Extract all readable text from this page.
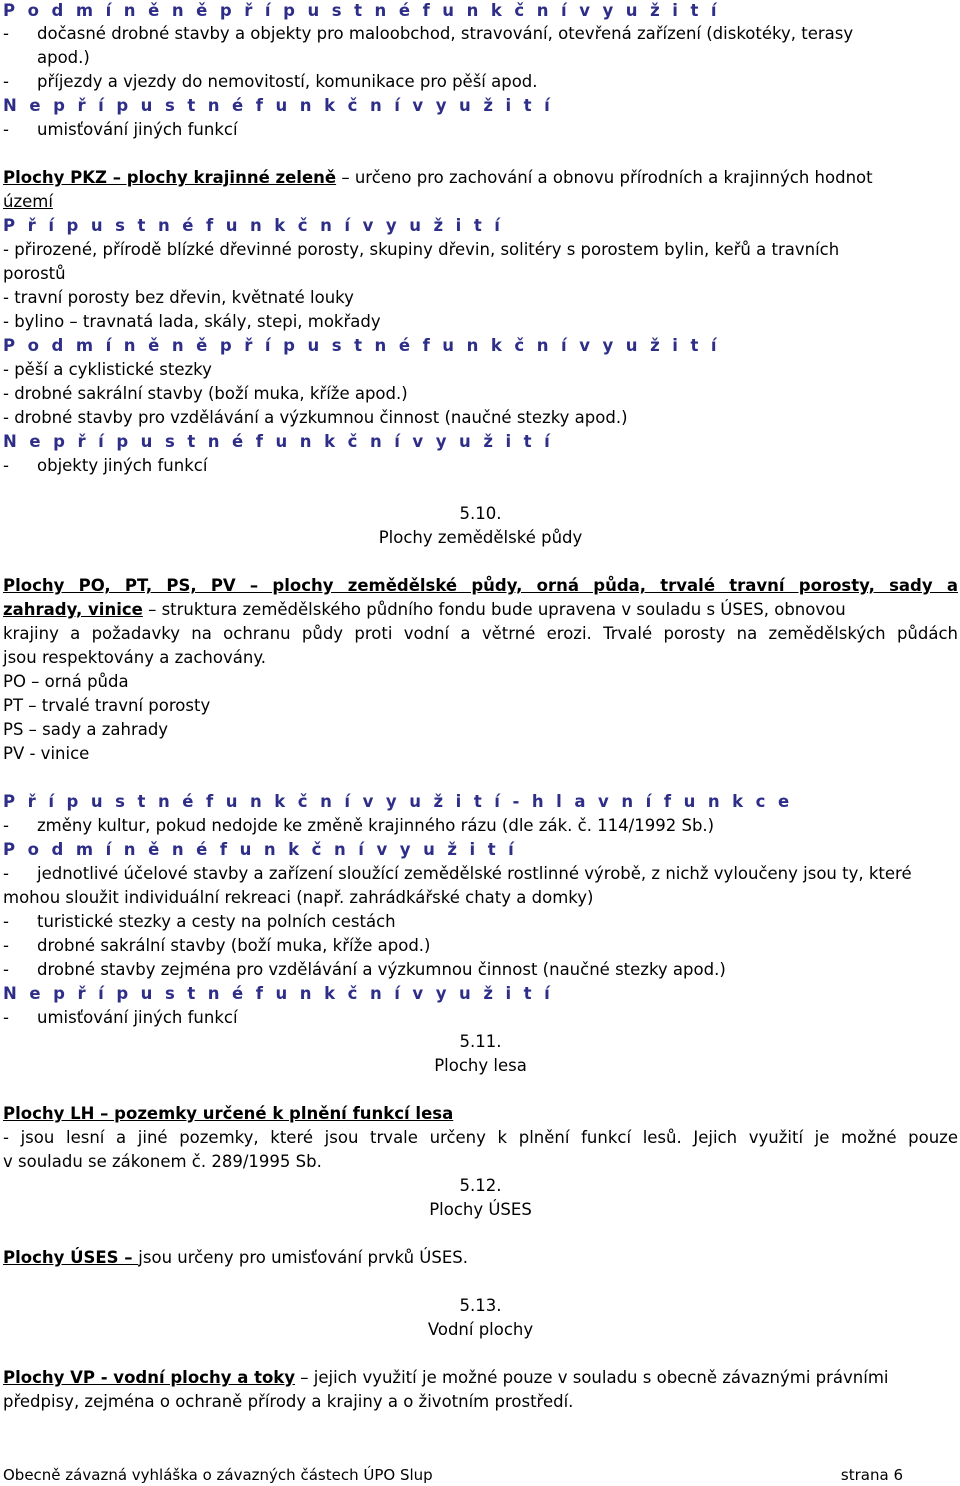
P o d m í n ě n ě p ř í p u s t n é f u n k č n í v y u ž i t í
- dočasné drobné stavby a objekty pro maloobchod, stravování, otevřená zařízení (diskotéky, terasy
apod.)
- příjezdy a vjezdy do nemovitostí, komunikace pro pěší apod.
N e p ř í p u s t n é f u n k č n í v y u ž i t í
- umisťování jiných funkcí
Plochy PKZ – plochy krajinné zeleně – určeno pro zachování a obnovu přírodních a krajinných hodnot
území
P ř í p u s t n é f u n k č n í v y u ž i t í
- přirozené, přírodě blízké dřevinné porosty, skupiny dřevin, solitéry s porostem bylin, keřů a travních
porostů
- travní porosty bez dřevin, květnaté louky
- bylino – travnatá lada, skály, stepi, mokřady
P o d m í n ě n ě p ř í p u s t n é f u n k č n í v y u ž i t í
- pěší a cyklistické stezky
- drobné sakrální stavby (boží muka, kříže apod.)
- drobné stavby pro vzdělávání a výzkumnou činnost (naučné stezky apod.)
N e p ř í p u s t n é f u n k č n í v y u ž i t í
- objekty jiných funkcí
5.10.
Plochy zemědělské půdy
Plochy PO, PT, PS, PV – plochy zemědělské půdy, orná půda, trvalé travní porosty, sady a
zahrady, vinice – struktura zemědělského půdního fondu bude upravena v souladu s ÚSES, obnovou
krajiny a požadavky na ochranu půdy proti vodní a větrné erozi. Trvalé porosty na zemědělských půdách
jsou respektovány a zachovány.
PO – orná půda
PT – trvalé travní porosty
PS – sady a zahrady
PV - vinice
P ř í p u s t n é f u n k č n í v y u ž i t í - h l a v n í f u n k c e
- změny kultur, pokud nedojde ke změně krajinného rázu (dle zák. č. 114/1992 Sb.)
P o d m í n ě n é f u n k č n í v y u ž i t í
- jednotlivé účelové stavby a zařízení sloužící zemědělské rostlinné výrobě, z nichž vyloučeny jsou ty, které
mohou sloužit individuální rekreaci (např. zahrádkářské chaty a domky)
- turistické stezky a cesty na polních cestách
- drobné sakrální stavby (boží muka, kříže apod.)
- drobné stavby zejména pro vzdělávání a výzkumnou činnost (naučné stezky apod.)
N e p ř í p u s t n é f u n k č n í v y u ž i t í
- umisťování jiných funkcí
5.11.
Plochy lesa
Plochy LH – pozemky určené k plnění funkcí lesa
- jsou lesní a jiné pozemky, které jsou trvale určeny k plnění funkcí lesů. Jejich využití je možné pouze
v souladu se zákonem č. 289/1995 Sb.
5.12.
Plochy ÚSES
Plochy ÚSES – jsou určeny pro umisťování prvků ÚSES.
5.13.
Vodní plochy
Plochy VP - vodní plochy a toky – jejich využití je možné pouze v souladu s obecně závaznými právními
předpisy, zejména o ochraně přírody a krajiny a o životním prostředí.
Obecně závazná vyhláška o závazných částech ÚPO Slup	strana 6
